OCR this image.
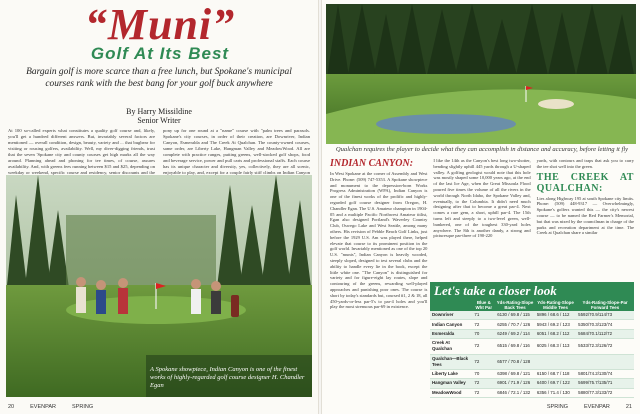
“Muni”
Golf At Its Best
Bargain golf is more scarce than a free lunch, but Spokane's municipal courses rank with the best bang for your golf buck anywhere
By Harry Missildine
Senior Writer
At 100 so-called experts what constitutes a quality golf course and, likely, you'll get a hundred different answers. But, invariably several factors are mentioned — overall condition, design, beauty, variety and ... that bugbear for visiting or rousing golfers, availability. Well, my diver-digging friends, trust that the seven 'Spokane city and county courses get high marks all the way around. Planning ahead and phoning for tee times, of course, assures availability. And, with greens fees running between $15 and $25, depending on weekday or weekend, specific course and residency, senior discounts and the
pony up for one round at a "name" course with "palm trees and parasols. Spokane's city courses, in order of their creation, are Downriver, Indian Canyon, Esmeralda and The Creek At Qualchan. The county-owned courses, same order, are Liberty Lake, Hangman Valley and MeadowWood. All are complete with practice ranges, putting greens, well-stocked golf shops, food and beverage service, power and pull carts and professional staffs. Each course has its unique character and diversity, yes, collectively, they are all scenic, enjoyable to play, and, except for a couple fairly stiff climbs on Indian Canyon
A Spokane showpiece, Indian Canyon is one of the finest works of highly-regarded golf course designer H. Chandler Egan
20	EVENPAR	SPRING
Qualchan requires the player to decide what they can accomplish in distance and accuracy, before letting it fly
INDIAN CANYON:
In West Spokane at the corner of Assembly and West Drive. Phone: (509) 747-5353. A Spokane showpiece and monument to the depression-born Works Progress Administration (WPA), Indian Canyon is one of the finest works of the prolific and highly-regarded golf course designer from Oregon, H. Chandler Egan. The U.S. Amateur champion in 1904-05 and a multiple Pacific Northwest Amateur titlist, Egan also designed Portland's Waverley Country Club, Oswego Lake and West Seattle, among many others. His revision of Pebble Beach Golf Links, just before the 1929 U.S. Am was played there, helped elevate that course to its prominent position in the golf world. Invariably mentioned as one of the top 20 U.S. "munis", Indian Canyon is heavily wooded, steeply sloped, designed to test several clubs and the ability to handle every lie in the book, except the little white one. "The Canyon" is distinguished for variety and for figure-eight lay routes, slope and contouring of the greens, rewarding well-played approaches and punishing poor ones. The course is short by today's standards but, coursed #1, 2 & 18, all 450-yards-or-less par-5's to par-4 holes and you'll play the most strenuous par-69 in existence.
I like the 14th as the Canyon's best long two-shotter, bending slightly uphill 445 yards through a U-shaped valley. A golfing geologist would note that this hole was mostly shaped some 10,000 years ago, at the end of the last Ice Age, when the Great Missoula Flood poured five times the volume of all the rivers in the world through North Idaho, the Spokane Valley and, eventually, to the Columbia. It didn't need much designing after that to become a great par-4. Next comes a rare gem, a short, uphill par-4. The 15th turns left and steeply to a two-level green, well-bunkered, one of the toughest 330-yard holes anywhere. The 8th is another dandy, a strong and picturesque par-three of 190-220
yards, with contours and traps that ask you to carry the tee shot well into the green.
THE CREEK AT QUALCHAN:
Lies along Highway 195 at south Spokane city limits. Phone: (509) 448-9317 — Overwhelmingly, Spokane's golfers wanted this — the city's newest course — to be named the Red Farmer's Memorial, but that was nixed by the councilman in charge of the parks and recreation department at the time. The Creek at Qualchan share a similar
Let's take a closer look
	Blue & Wht Par	Yds-Rating-Slope Back Tees	Yds-Rating-Slope Middle Tees	Yds-Rating-Slope-Par Forward Tees
Downriver	71	6130 / 69.8 / 115	5896 / 68.6 / 112	5592/70.9/114/73
Indian Canyon	72	6255 / 70.7 / 126	5943 / 69.2 / 123	5350/70.3/123/74
Esmeralda	70	6249 / 69.2 / 114	6051 / 68.2 / 112	5684/70.1/112/72
Creek At Qualchan	72	6515 / 69.8 / 116	6025 / 68.3 / 113	5533/72.3/126/72
Qualchan—Black Tees	72	6577 / 70.8 / 128		
Liberty Lake	70	6398 / 69.8 / 121	6150 / 68.7 / 118	5801/74.2/130/74
Hangman Valley	72	6901 / 71.9 / 126	6400 / 69.7 / 122	5699/75.7/135/71
MeadowWood	72	6846 / 72.1 / 132	6356 / 71.4 / 130	5880/77.3/133/72
SPRING	EVENPAR	21
